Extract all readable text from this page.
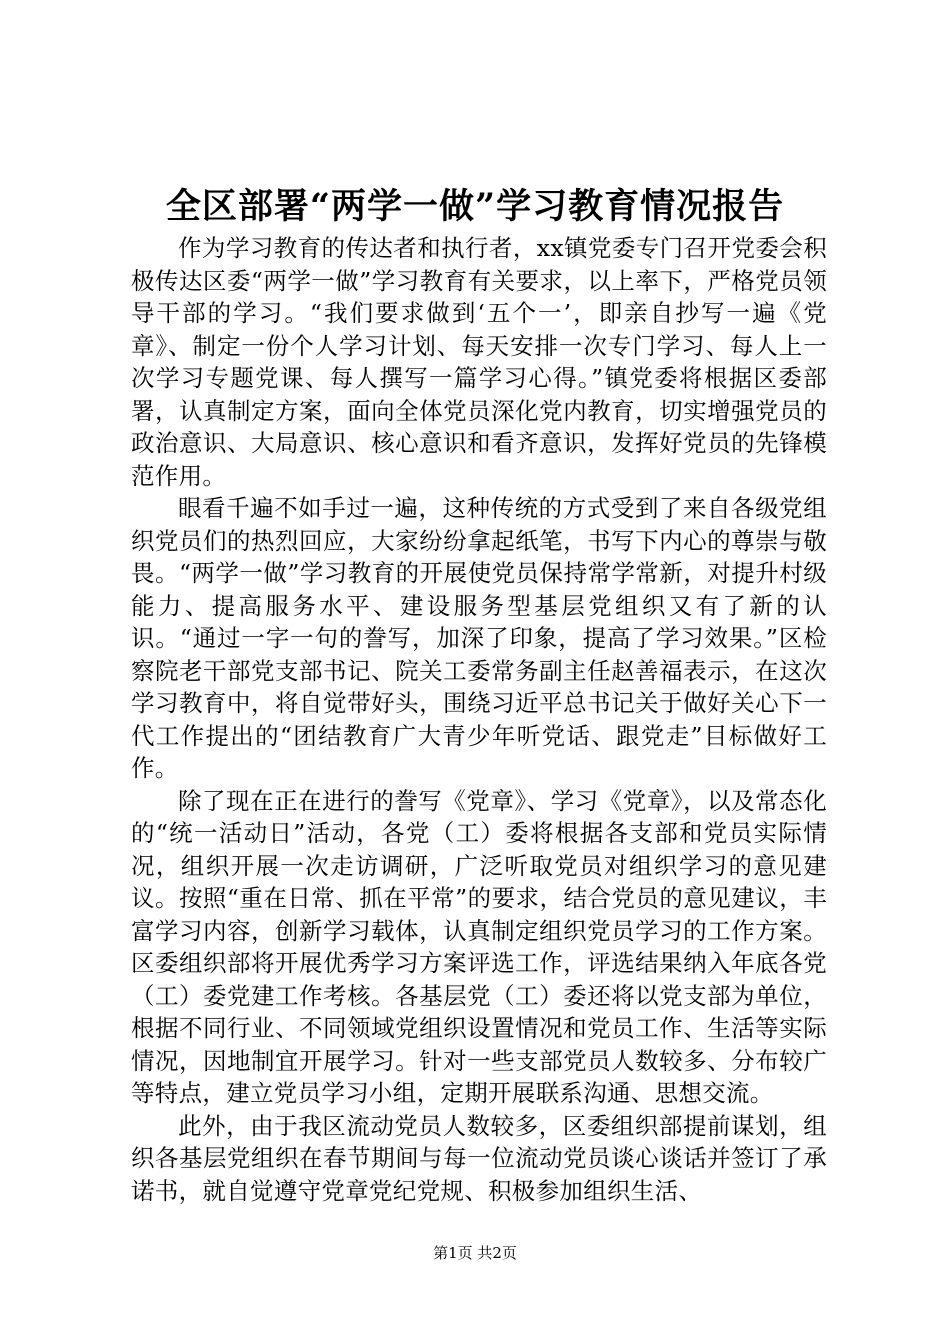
全区部署“两学一做”学习教育情况报告

作为学习教育的传达者和执行者，xx镇党委专门召开党委会积极传达区委“两学一做”学习教育有关要求，以上率下，严格党员领导干部的学习。“我们要求做到‘五个一’，即亲自抄写一遍《党章》、制定一份个人学习计划、每天安排一次专门学习、每人上一次学习专题党课、每人撰写一篇学习心得。”镇党委将根据区委部署，认真制定方案，面向全体党员深化党内教育，切实增强党员的政治意识、大局意识、核心意识和看齐意识，发挥好党员的先锋模范作用。

眼看千遍不如手过一遍，这种传统的方式受到了来自各级党组织党员们的热烈回应，大家纷纷拿起纸笔，书写下内心的尊崇与敬畏。“两学一做”学习教育的开展使党员保持常学常新，对提升村级能力、提高服务水平、建设服务型基层党组织又有了新的认识。“通过一字一句的誊写，加深了印象，提高了学习效果。”区检察院老干部党支部书记、院关工委常务副主任赵善福表示，在这次学习教育中，将自觉带好头，围绕习近平总书记关于做好关心下一代工作提出的“团结教育广大青少年听党话、跟党走”目标做好工作。

除了现在正在进行的誊写《党章》、学习《党章》，以及常态化的“统一活动日”活动，各党（工）委将根据各支部和党员实际情况，组织开展一次走访调研，广泛听取党员对组织学习的意见建议。按照“重在日常、抓在平常”的要求，结合党员的意见建议，丰富学习内容，创新学习载体，认真制定组织党员学习的工作方案。区委组织部将开展优秀学习方案评选工作，评选结果纳入年底各党（工）委党建工作考核。各基层党（工）委还将以党支部为单位，根据不同行业、不同领域党组织设置情况和党员工作、生活等实际情况，因地制宜开展学习。针对一些支部党员人数较多、分布较广等特点，建立党员学习小组，定期开展联系沟通、思想交流。

此外，由于我区流动党员人数较多，区委组织部提前谋划，组织各基层党组织在春节期间与每一位流动党员谈心谈话并签订了承诺书，就自觉遵守党章党纪党规、积极参加组织生活、

第1页 共2页
